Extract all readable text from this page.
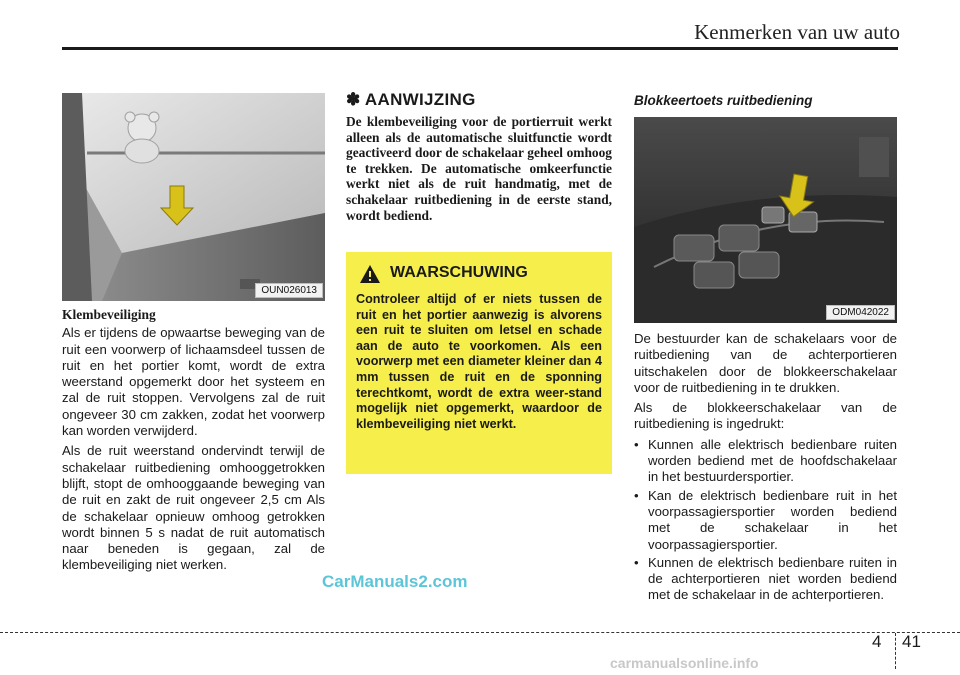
Kenmerken van uw auto
OUN026013
Klembeveiliging

Als er tijdens de opwaartse beweging van de ruit een voorwerp of lichaamsdeel tussen de ruit en het portier komt, wordt de extra weerstand opgemerkt door het systeem en zal de ruit stoppen. Vervolgens zal de ruit ongeveer 30 cm zakken, zodat het voorwerp kan worden verwijderd.

Als de ruit weerstand ondervindt terwijl de schakelaar ruitbediening omhooggetrokken blijft, stopt de omhooggaande beweging van de ruit en zakt de ruit ongeveer 2,5 cm Als de schakelaar opnieuw omhoog getrokken wordt binnen 5 s nadat de ruit automatisch naar beneden is gegaan, zal de klembeveiliging niet werken.

✽ AANWIJZING
De klembeveiliging voor de portierruit werkt alleen als de automatische sluitfunctie wordt geactiveerd door de schakelaar geheel omhoog te trekken. De automatische omkeerfunctie werkt niet als de ruit handmatig, met de schakelaar ruitbediening in de eerste stand, wordt bediend.
WAARSCHUWING
Controleer altijd of er niets tussen de ruit en het portier aanwezig is alvorens een ruit te sluiten om letsel en schade aan de auto te voorkomen. Als een voorwerp met een diameter kleiner dan 4 mm tussen de ruit en de sponning terechtkomt, wordt de extra weer-stand mogelijk niet opgemerkt, waardoor de klembeveiliging niet werkt.
Blokkeertoets ruitbediening
ODM042022

De bestuurder kan de schakelaars voor de ruitbediening van de achterportieren uitschakelen door de blokkeerschakelaar voor de ruitbediening in te drukken.

Als de blokkeerschakelaar van de ruitbediening is ingedrukt:

• Kunnen alle elektrisch bedienbare ruiten worden bediend met de hoofdschakelaar in het bestuurdersportier.
• Kan de elektrisch bedienbare ruit in het voorpassagiersportier worden bediend met de schakelaar in het voorpassagiersportier.
• Kunnen de elektrisch bedienbare ruiten in de achterportieren niet worden bediend met de schakelaar in de achterportieren.
CarManuals2.com
4 41
carmanualsonline.info
